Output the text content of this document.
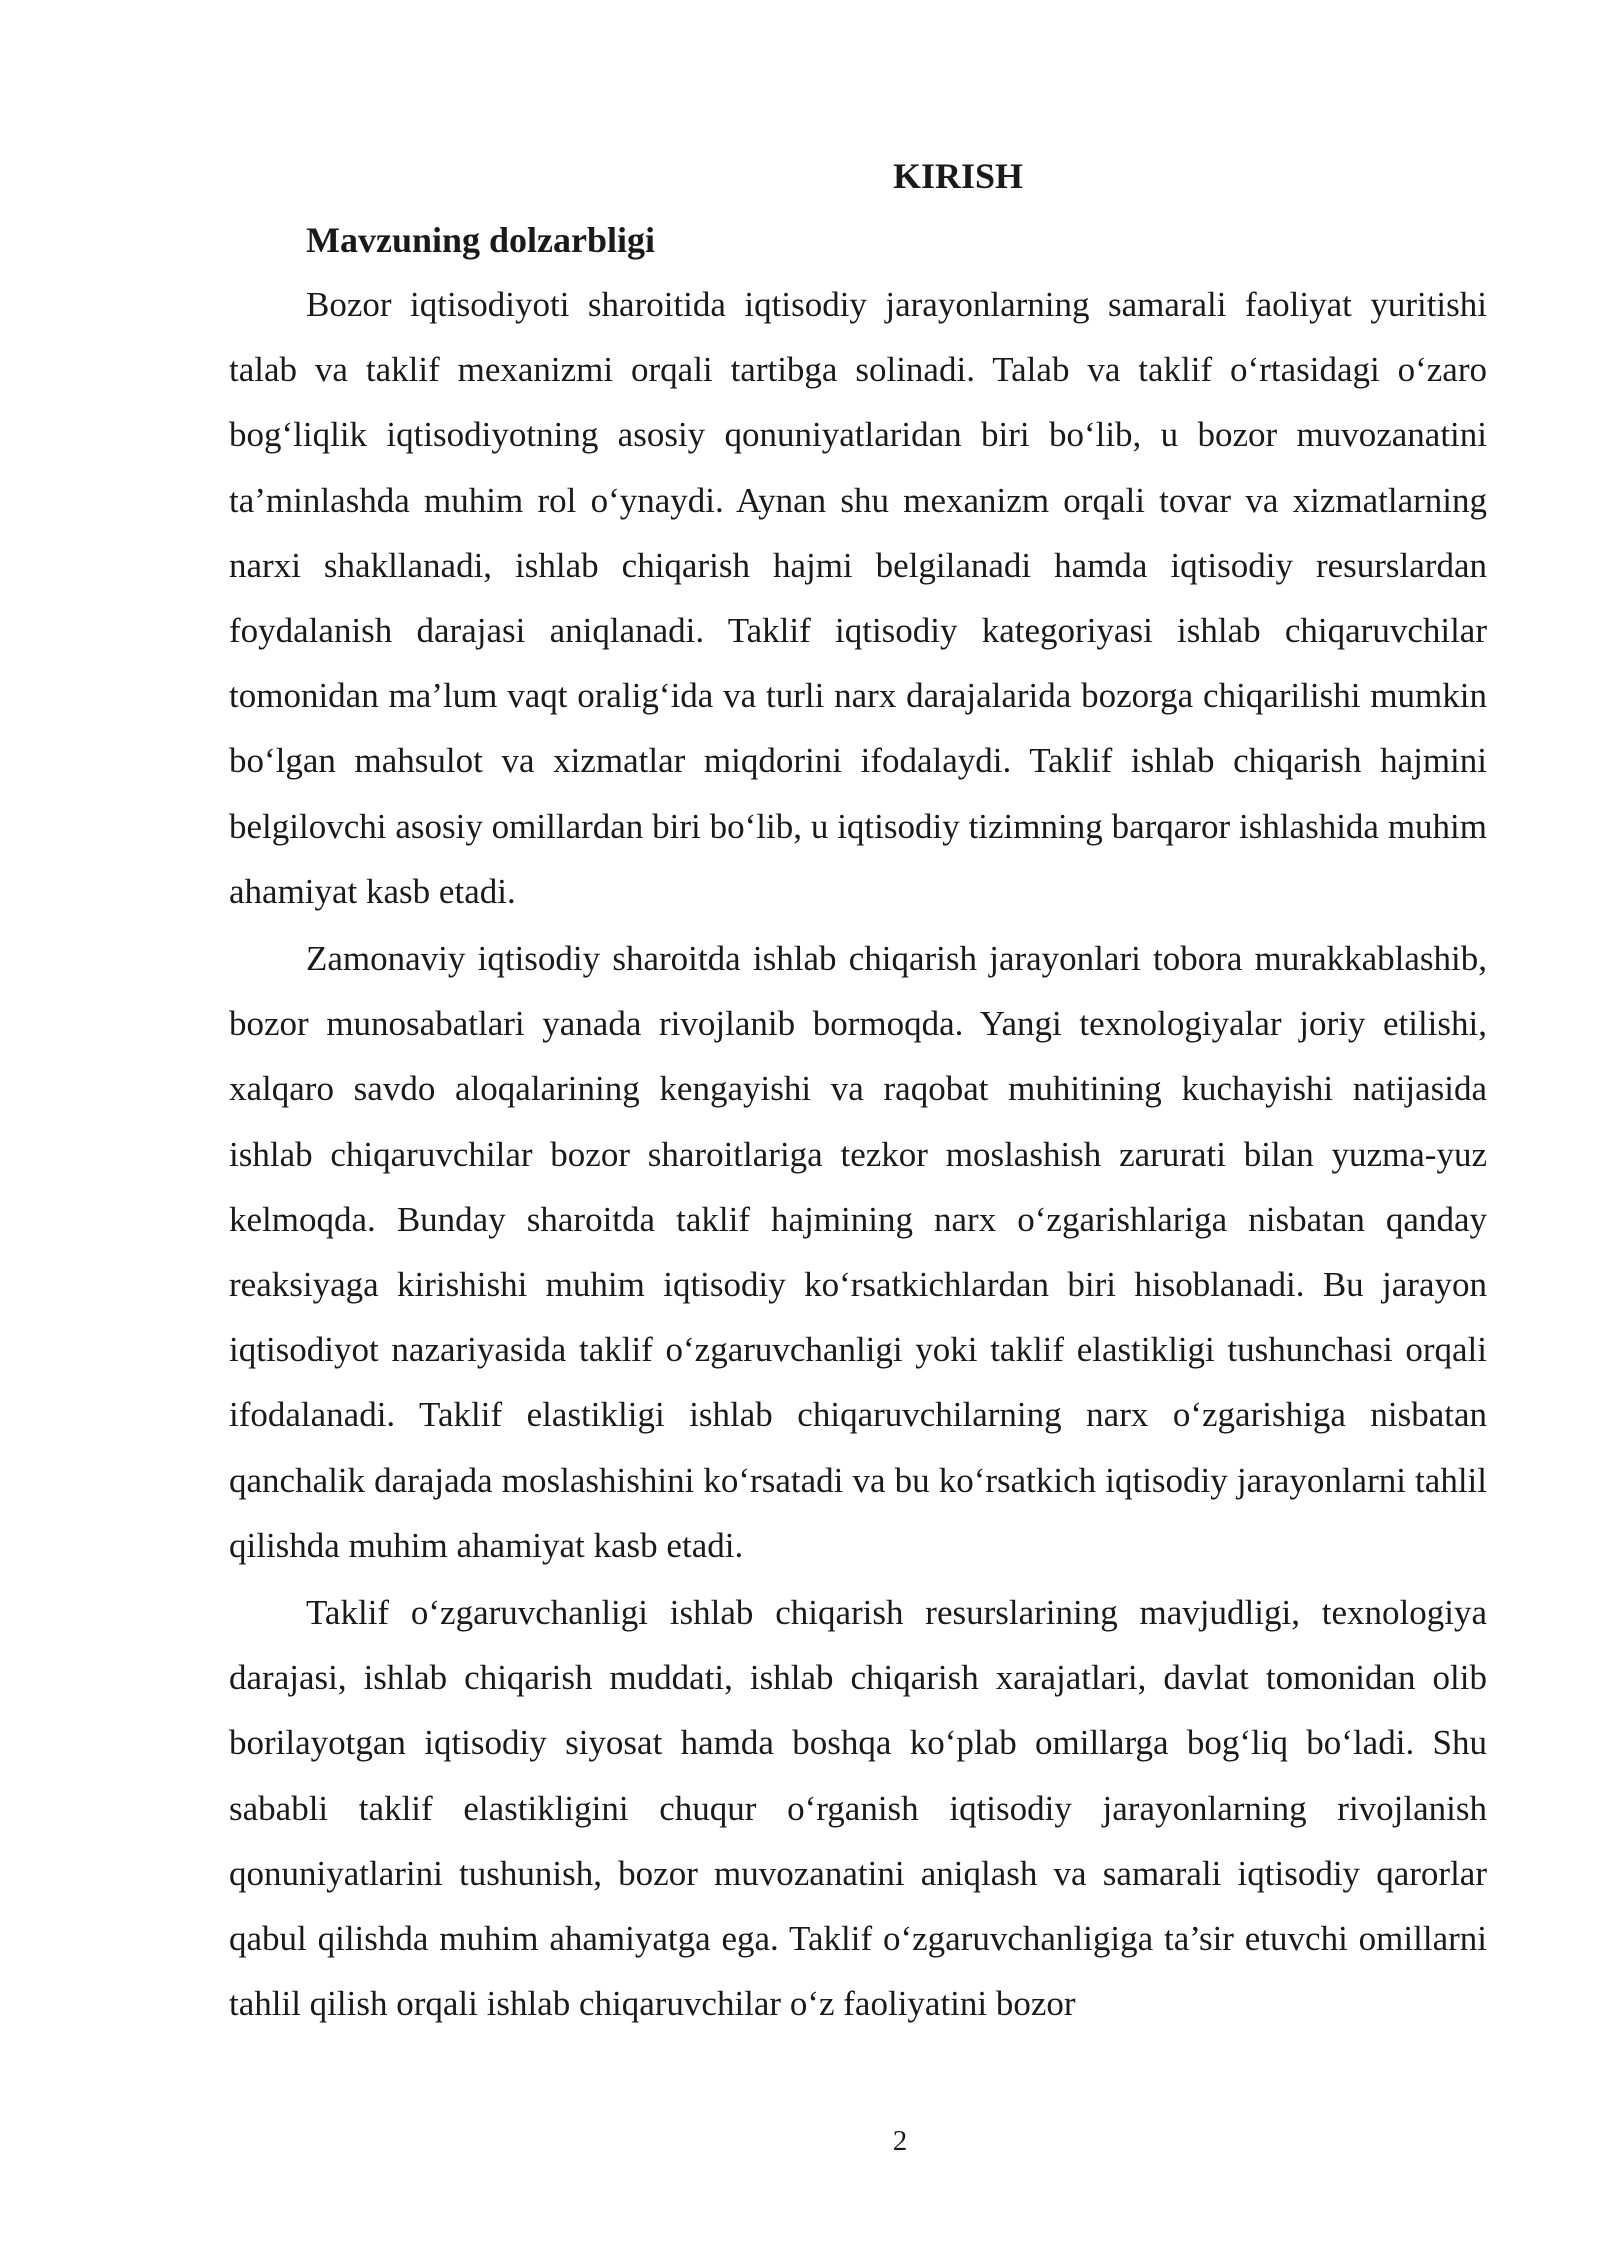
KIRISH
Mavzuning dolzarbligi

Bozor iqtisodiyoti sharoitida iqtisodiy jarayonlarning samarali faoliyat yuritishi talab va taklif mexanizmi orqali tartibga solinadi. Talab va taklif o‘rtasidagi o‘zaro bog‘liqlik iqtisodiyotning asosiy qonuniyatlaridan biri bo‘lib, u bozor muvozanatini ta’minlashda muhim rol o‘ynaydi. Aynan shu mexanizm orqali tovar va xizmatlarning narxi shakllanadi, ishlab chiqarish hajmi belgilanadi hamda iqtisodiy resurslardan foydalanish darajasi aniqlanadi. Taklif iqtisodiy kategoriyasi ishlab chiqaruvchilar tomonidan ma’lum vaqt oralig‘ida va turli narx darajalarida bozorga chiqarilishi mumkin bo‘lgan mahsulot va xizmatlar miqdorini ifodalaydi. Taklif ishlab chiqarish hajmini belgilovchi asosiy omillardan biri bo‘lib, u iqtisodiy tizimning barqaror ishlashida muhim ahamiyat kasb etadi.

Zamonaviy iqtisodiy sharoitda ishlab chiqarish jarayonlari tobora murakkablashib, bozor munosabatlari yanada rivojlanib bormoqda. Yangi texnologiyalar joriy etilishi, xalqaro savdo aloqalarining kengayishi va raqobat muhitining kuchayishi natijasida ishlab chiqaruvchilar bozor sharoitlariga tezkor moslashish zarurati bilan yuzma-yuz kelmoqda. Bunday sharoitda taklif hajmining narx o‘zgarishlariga nisbatan qanday reaksiyaga kirishishi muhim iqtisodiy ko‘rsatkichlardan biri hisoblanadi. Bu jarayon iqtisodiyot nazariyasida taklif o‘zgaruvchanligi yoki taklif elastikligi tushunchasi orqali ifodalanadi. Taklif elastikligi ishlab chiqaruvchilarning narx o‘zgarishiga nisbatan qanchalik darajada moslashishini ko‘rsatadi va bu ko‘rsatkich iqtisodiy jarayonlarni tahlil qilishda muhim ahamiyat kasb etadi.

Taklif o‘zgaruvchanligi ishlab chiqarish resurslarining mavjudligi, texnologiya darajasi, ishlab chiqarish muddati, ishlab chiqarish xarajatlari, davlat tomonidan olib borilayotgan iqtisodiy siyosat hamda boshqa ko‘plab omillarga bog‘liq bo‘ladi. Shu sababli taklif elastikligini chuqur o‘rganish iqtisodiy jarayonlarning rivojlanish qonuniyatlarini tushunish, bozor muvozanatini aniqlash va samarali iqtisodiy qarorlar qabul qilishda muhim ahamiyatga ega. Taklif o‘zgaruvchanligiga ta’sir etuvchi omillarni tahlil qilish orqali ishlab chiqaruvchilar o‘z faoliyatini bozor

2
